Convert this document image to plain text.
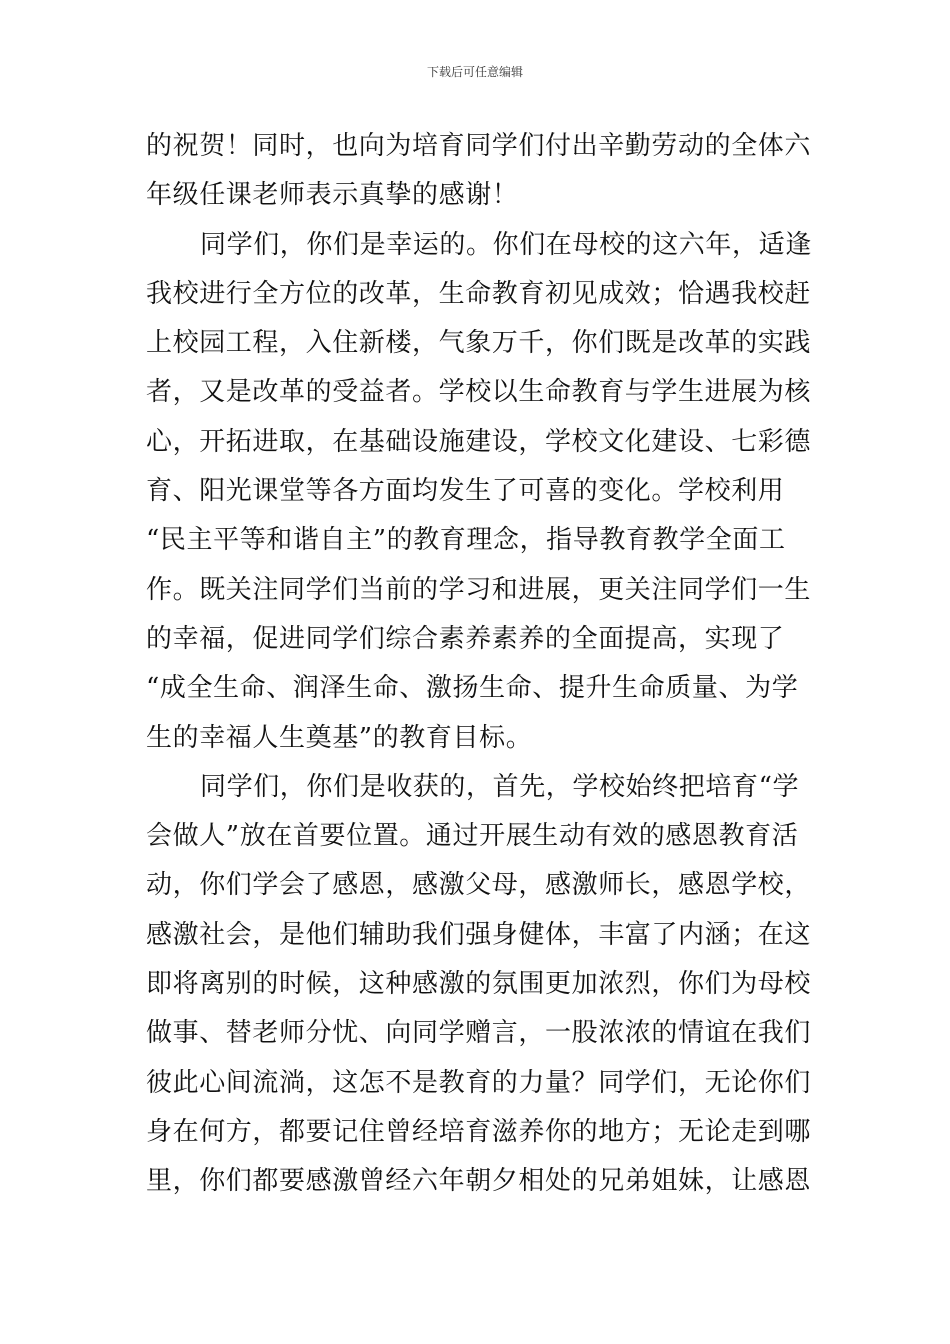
下载后可任意编辑
的祝贺！同时，也向为培育同学们付出辛勤劳动的全体六
年级任课老师表示真挚的感谢！
同学们，你们是幸运的。你们在母校的这六年，适逢
我校进行全方位的改革，生命教育初见成效；恰遇我校赶
上校园工程，入住新楼，气象万千，你们既是改革的实践
者，又是改革的受益者。学校以生命教育与学生进展为核
心，开拓进取，在基础设施建设，学校文化建设、七彩德
育、阳光课堂等各方面均发生了可喜的变化。学校利用
“民主平等和谐自主”的教育理念，指导教育教学全面工
作。既关注同学们当前的学习和进展，更关注同学们一生
的幸福，促进同学们综合素养素养的全面提高，实现了
“成全生命、润泽生命、激扬生命、提升生命质量、为学
生的幸福人生奠基”的教育目标。
同学们，你们是收获的，首先，学校始终把培育“学
会做人”放在首要位置。通过开展生动有效的感恩教育活
动，你们学会了感恩，感激父母，感激师长，感恩学校，
感激社会，是他们辅助我们强身健体，丰富了内涵；在这
即将离别的时候，这种感激的氛围更加浓烈，你们为母校
做事、替老师分忧、向同学赠言，一股浓浓的情谊在我们
彼此心间流淌，这怎不是教育的力量？同学们，无论你们
身在何方，都要记住曾经培育滋养你的地方；无论走到哪
里，你们都要感激曾经六年朝夕相处的兄弟姐妹，让感恩
